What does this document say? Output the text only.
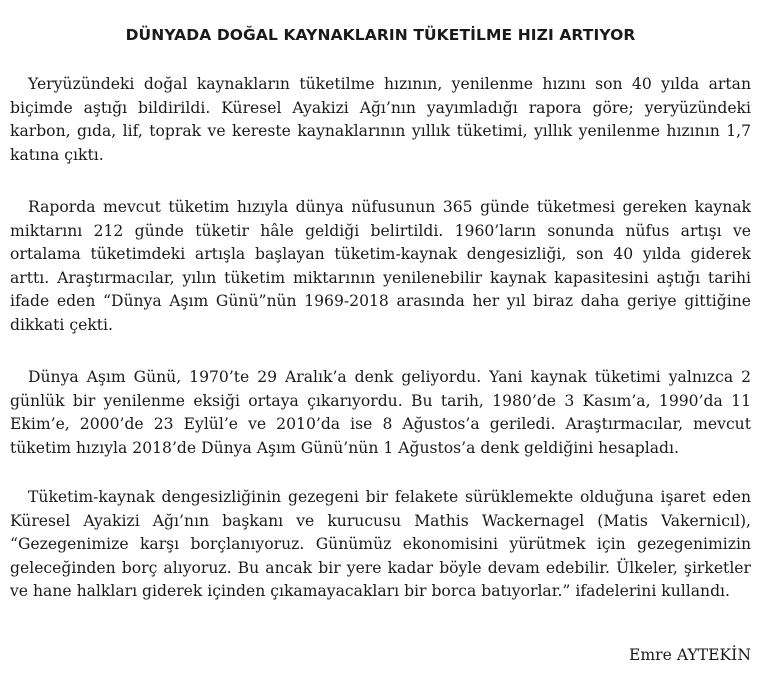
DÜNYADA DOĞAL KAYNAKLARIN TÜKETİLME HIZI ARTIYOR

Yeryüzündeki doğal kaynakların tüketilme hızının, yenilenme hızını son 40 yılda artan biçimde aştığı bildirildi. Küresel Ayakizi Ağı’nın yayımladığı rapora göre; yeryüzündeki karbon, gıda, lif, toprak ve kereste kaynaklarının yıllık tüketimi, yıllık yenilenme hızının 1,7 katına çıktı.

Raporda mevcut tüketim hızıyla dünya nüfusunun 365 günde tüketmesi gereken kaynak miktarını 212 günde tüketir hâle geldiği belirtildi. 1960’ların sonunda nüfus artışı ve ortalama tüketimdeki artışla başlayan tüketim-kaynak dengesizliği, son 40 yılda giderek arttı. Araştırmacılar, yılın tüketim miktarının yenilenebilir kaynak kapasitesini aştığı tarihi ifade eden “Dünya Aşım Günü”nün 1969-2018 arasında her yıl biraz daha geriye gittiğine dikkati çekti.

Dünya Aşım Günü, 1970’te 29 Aralık’a denk geliyordu. Yani kaynak tüketimi yalnızca 2 günlük bir yenilenme eksiği ortaya çıkarıyordu. Bu tarih, 1980’de 3 Kasım’a, 1990’da 11 Ekim’e, 2000’de 23 Eylül’e ve 2010’da ise 8 Ağustos’a geriledi. Araştırmacılar, mevcut tüketim hızıyla 2018’de Dünya Aşım Günü’nün 1 Ağustos’a denk geldiğini hesapladı.

Tüketim-kaynak dengesizliğinin gezegeni bir felakete sürüklemekte olduğuna işaret eden Küresel Ayakizi Ağı’nın başkanı ve kurucusu Mathis Wackernagel (Matis Vakernicıl), “Gezegenimize karşı borçlanıyoruz. Günümüz ekonomisini yürütmek için gezegenimizin geleceğinden borç alıyoruz. Bu ancak bir yere kadar böyle devam edebilir. Ülkeler, şirketler ve hane halkları giderek içinden çıkamayacakları bir borca batıyorlar.” ifadelerini kullandı.

Emre AYTEKİN
